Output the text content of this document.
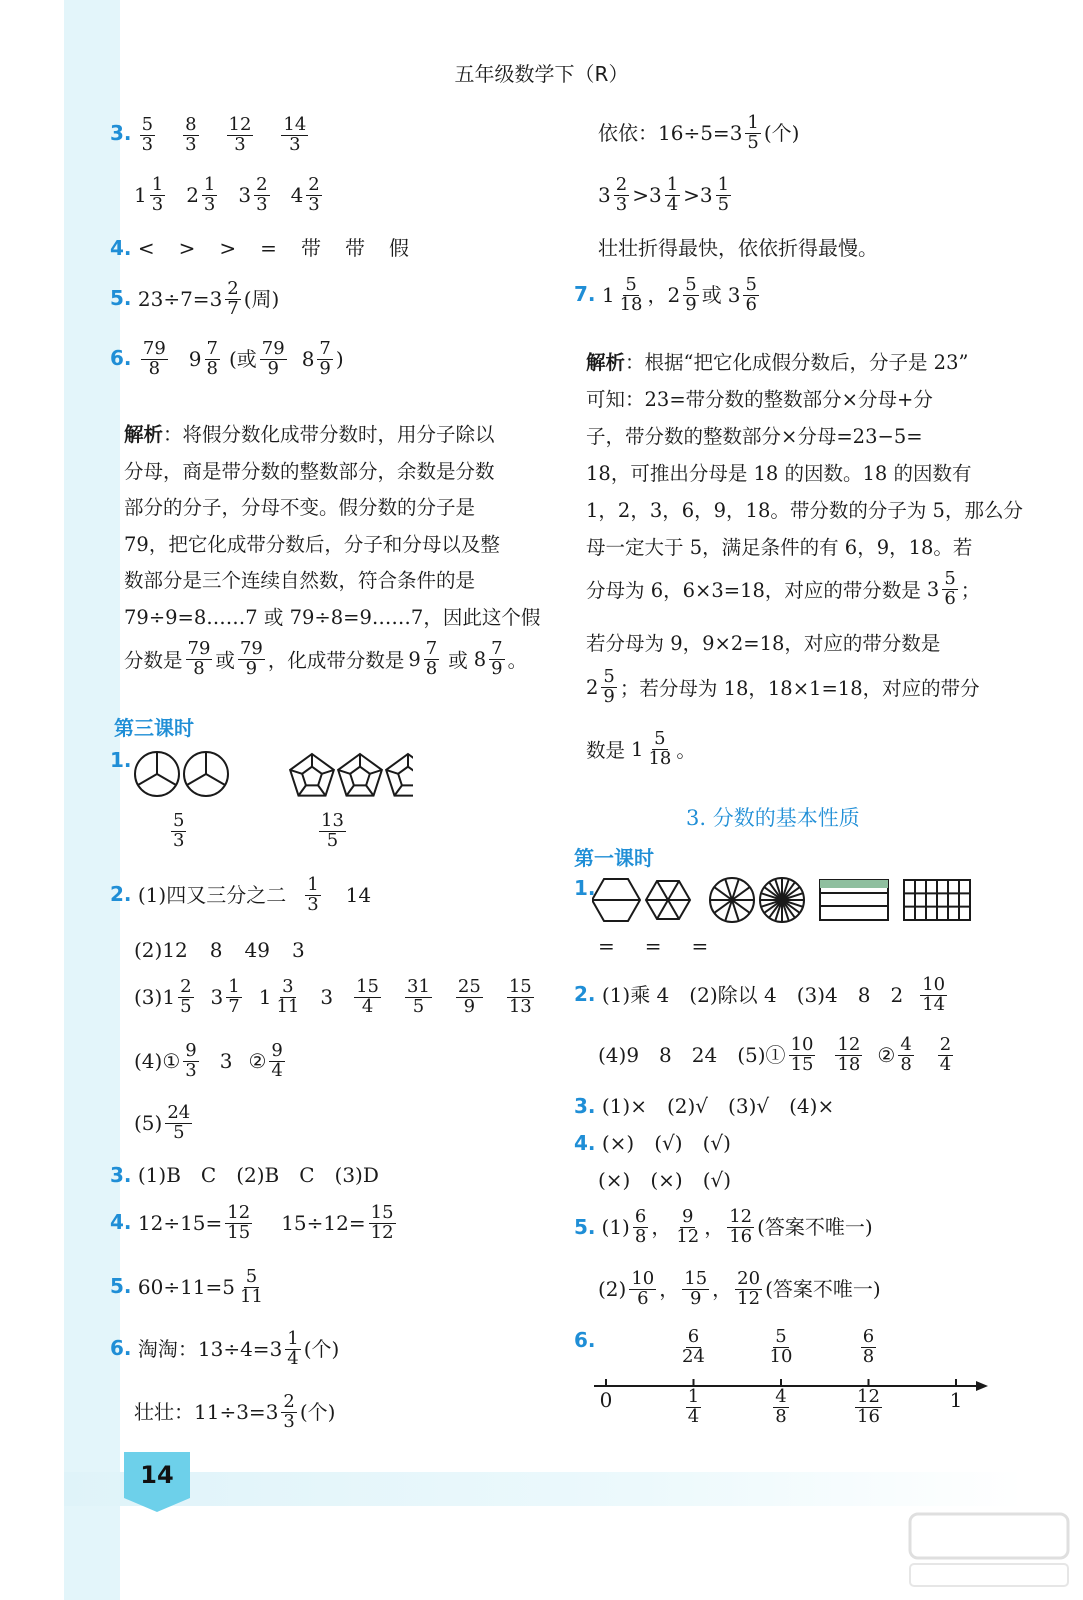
14
五年级数学下（R）
3. $\frac{5}{3} \frac{8}{3} \frac{12}{3} \frac{14}{3}$
$1 \frac{1}{3} 2 \frac{1}{3} 3 \frac{2}{3} 4 \frac{2}{3}$
4. < > > = 带 带 假
5. $23\div 7=3 \frac{2}{7}$ (周)
6. $\frac{79}{8} 9 \frac{7}{8}$ (或 $\frac{79}{9} 8 \frac{7}{9}$ )
解析：将假分数化成带分数时，用分子除以
分母，商是带分数的整数部分，余数是分数
部分的分子，分母不变。假分数的分子是
79，把它化成带分数后，分子和分母以及整
数部分是三个连续自然数，符合条件的是
79÷9=8……7 或 79÷8=9……7，因此这个假
分数是 $\frac{79}{8}$ 或 $\frac{79}{9}$ ，化成带分数是 $9 \frac{7}{8}$ 或 $8 \frac{7}{9}$ 。
第三课时
1.
$\frac{5}{3}$	$\frac{13}{5}$
2. (1)四又三分之二 $\frac{1}{3} 14$
(2)12 8 49 3
(3) $1 \frac{2}{5} 3 \frac{1}{7} 1 \frac{3}{11} 3 \frac{15}{4} \frac{31}{5} \frac{25}{9} \frac{15}{13}$
(4)① $\frac{9}{3} 3$ ② $\frac{9}{4}$
$(5) \frac{24}{5}$
3. (1)B　C　(2)B　C　(3)D
4. $12\div 15= \frac{12}{15} 15\div 12= \frac{15}{12}$
5. $60\div 11=5 \frac{5}{11}$
6. 淘淘：$13\div 4=3 \frac{1}{4}$ (个)
壮壮：$11\div 3=3 \frac{2}{3}$ (个)
依依：$16\div 5=3 \frac{1}{5}$ (个)
$3 \frac{2}{3} > 3 \frac{1}{4} > 3 \frac{1}{5}$
壮壮折得最快，依依折得最慢。
7. $1 \frac{5}{18}$ ， $2 \frac{5}{9}$ 或 $3 \frac{5}{6}$
解析：根据“把它化成假分数后，分子是 23”
可知：23=带分数的整数部分×分母+分
子，带分数的整数部分×分母=23−5=
18，可推出分母是 18 的因数。18 的因数有
1，2，3，6，9，18。带分数的分子为 5，那么分
母一定大于 5，满足条件的有 6，9，18。若
分母为 6，6×3=18，对应的带分数是 $3 \frac{5}{6}$ ；
若分母为 9，9×2=18，对应的带分数是
$2 \frac{5}{9}$ ；若分母为 18，18×1=18，对应的带分
数是 $1 \frac{5}{18}$ 。
3. 分数的基本性质
第一课时
1.
= = =
2. (1)乘 4　(2)除以 4　(3)4　8　$2 \frac{10}{14}$
(4)9　8　24　(5)① $\frac{10}{15} \frac{12}{18}$ ② $\frac{4}{8} \frac{2}{4}$
3. (1)×　(2)√　(3)√　(4)×
4. (×)　(√)　(√)
(×)　(×)　(√)
5. $(1) \frac{6}{8}$ ， $\frac{9}{12}$ ， $\frac{12}{16}$ (答案不唯一)
$(2) \frac{10}{6}$ ， $\frac{15}{9}$ ， $\frac{20}{12}$ (答案不唯一)
6.	$\frac{6}{24}$
$\frac{1}{4}$
$\frac{5}{10}$
$\frac{4}{8}$
$\frac{6}{8}$
$\frac{12}{16}$
0	1
